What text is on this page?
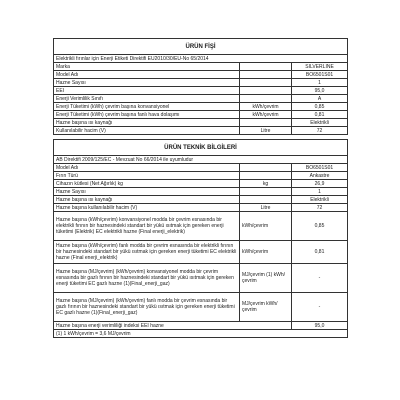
ÜRÜN FİŞİ		
Elektrikli fırınlar için Enerji Etiketi Direktifi EU2010/30/EU-No 65/2014		
Marka		SILVERLINE
Model Adı		BO6501S01
Hazne Sayısı		1
EEI		95,0
Enerji Verimlilik Sınıfı		A
Enerji Tüketimi (kWh) çevrim başına konvansiyonel	kWh/çevrim	0,85
Enerji Tüketimi (kWh) çevrim başına fanlı hava dolaşımı	kWh/çevrim	0,81
Hazne başına ısı kaynağı		Elektrikli
Kullanılabilir hacim (V)	Litre	72

ÜRÜN TEKNİK BİLGİLERİ		
AB Direktifi 2009/125/EC - Mevzuat No 66/2014 ile uyumludur		
Model Adı		BO6501S01
Fırın Türü		Ankastre
Cihazın kütlesi (Net Ağırlık) kg	kg	26,9
Hazne Sayısı		1
Hazne başına ısı kaynağı		Elektrikli
Hazne başına kullanılabilir hacim (V)	Litre	72
Hazne başına (kWh/çevrim) konvansiyonel modda bir çevrim esnasında bir elektrikli fırının bir haznesindeki standart bir yükü ısıtmak için gereken enerji tüketimi (Elektrik) EC elektrikli hazne (Final enerji_elektrik)	kWh/çevrim	0,85
Hazne başına (kWh/çevrim) fanlı modda bir çevrim esnasında bir elektrikli fırının bir haznesindeki standart bir yükü ısıtmak için gereken enerji tüketimi EC elektrikli hazne (Final enerji_elektrik)	kWh/çevrim	0,81
Hazne başına (MJ/çevrim) (kWh/çevrim) konvansiyonel modda bir çevrim esnasında bir gazlı fırının bir haznesindeki standart bir yükü ısıtmak için gereken enerji tüketimi EC gazlı hazne (1)(Final_enerji_gaz)	MJ/çevrim (1) kWh/çevrim	-
Hazne başına (MJ/çevrim) (kWh/çevrim) fanlı modda bir çevrim esnasında bir gazlı fırının bir haznesindeki standart bir yükü ısıtmak için gereken enerji tüketimi EC gazlı hazne (1)(Final_enerji_gaz)	MJ/çevrim kWh/çevrim	-
Hazne başına enerji verimliliği indeksi EEI hazne		95,0
(1) 1 kWh/çevrim = 3,6 MJ/çevrim		
